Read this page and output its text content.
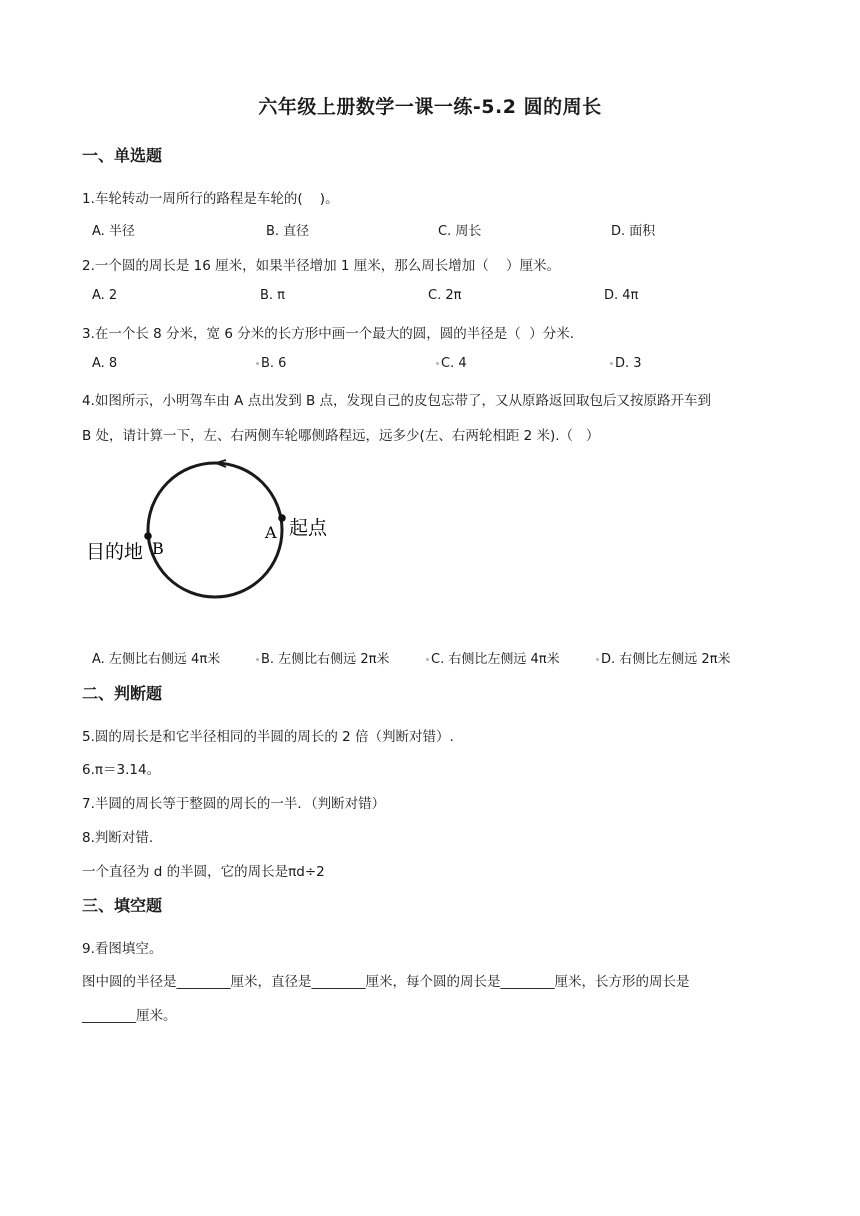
六年级上册数学一课一练-5.2 圆的周长
一、单选题
1.车轮转动一周所行的路程是车轮的(    )。
A. 半径	B. 直径	C. 周长	D. 面积
2.一个圆的周长是 16 厘米，如果半径增加 1 厘米，那么周长增加（    ）厘米。
A. 2	B. π	C. 2π	D. 4π
3.在一个长 8 分米，宽 6 分米的长方形中画一个最大的圆，圆的半径是（  ）分米.
A. 8	B. 6	C. 4	D. 3
4.如图所示，小明驾车由 A 点出发到 B 点，发现自己的皮包忘带了，又从原路返回取包后又按原路开车到
B 处，请计算一下，左、右两侧车轮哪侧路程远，远多少(左、右两轮相距 2 米).（   ）
A 起点
B
目的地
A. 左侧比右侧远 4π米	B. 左侧比右侧远 2π米	C. 右侧比左侧远 4π米	D. 右侧比左侧远 2π米
二、判断题
5.圆的周长是和它半径相同的半圆的周长的 2 倍（判断对错）.
6.π＝3.14。
7.半圆的周长等于整圆的周长的一半．（判断对错）
8.判断对错.
一个直径为 d 的半圆，它的周长是πd÷2
三、填空题
9.看图填空。
图中圆的半径是________厘米，直径是________厘米，每个圆的周长是________厘米，长方形的周长是
________厘米。
